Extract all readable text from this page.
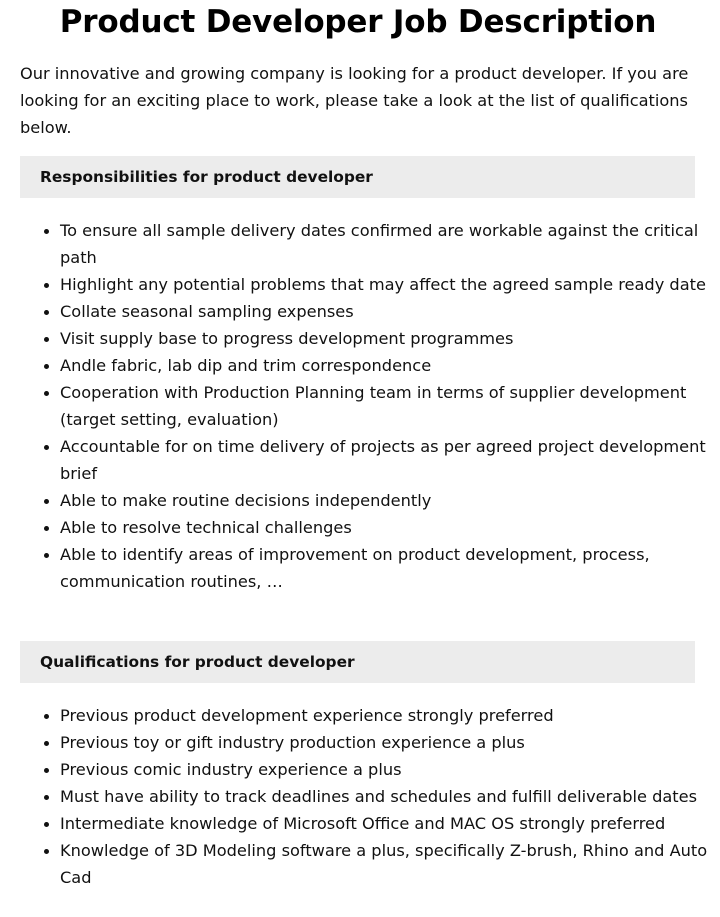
Product Developer Job Description

Our innovative and growing company is looking for a product developer. If you are looking for an exciting place to work, please take a look at the list of qualifications below.

Responsibilities for product developer
• To ensure all sample delivery dates confirmed are workable against the critical path
• Highlight any potential problems that may affect the agreed sample ready date
• Collate seasonal sampling expenses
• Visit supply base to progress development programmes
• Andle fabric, lab dip and trim correspondence
• Cooperation with Production Planning team in terms of supplier development (target setting, evaluation)
• Accountable for on time delivery of projects as per agreed project development brief
• Able to make routine decisions independently
• Able to resolve technical challenges
• Able to identify areas of improvement on product development, process, communication routines, …
Qualifications for product developer
• Previous product development experience strongly preferred
• Previous toy or gift industry production experience a plus
• Previous comic industry experience a plus
• Must have ability to track deadlines and schedules and fulfill deliverable dates
• Intermediate knowledge of Microsoft Office and MAC OS strongly preferred
• Knowledge of 3D Modeling software a plus, specifically Z-brush, Rhino and Auto Cad
